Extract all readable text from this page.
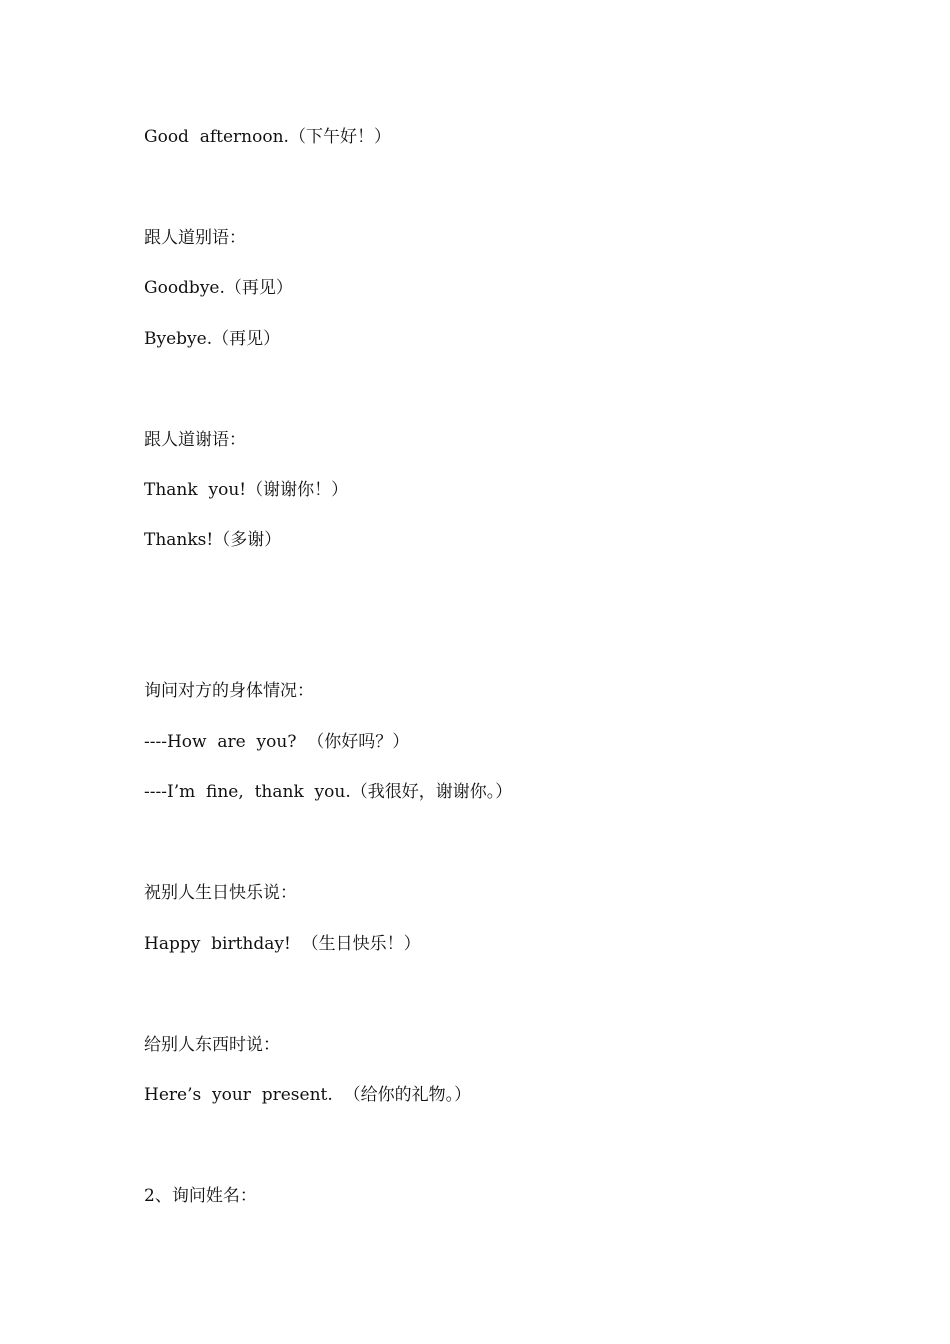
Good  afternoon.（下午好！）
跟人道别语：
Goodbye.（再见）
Byebye.（再见）
跟人道谢语：
Thank  you!（谢谢你！）
Thanks!（多谢）
询问对方的身体情况：
----How  are  you?  （你好吗？）
----I’m  fine,  thank  you.（我很好，谢谢你。）
祝别人生日快乐说：
Happy  birthday!  （生日快乐！）
给别人东西时说：
Here’s  your  present.  （给你的礼物。）
2、询问姓名：
